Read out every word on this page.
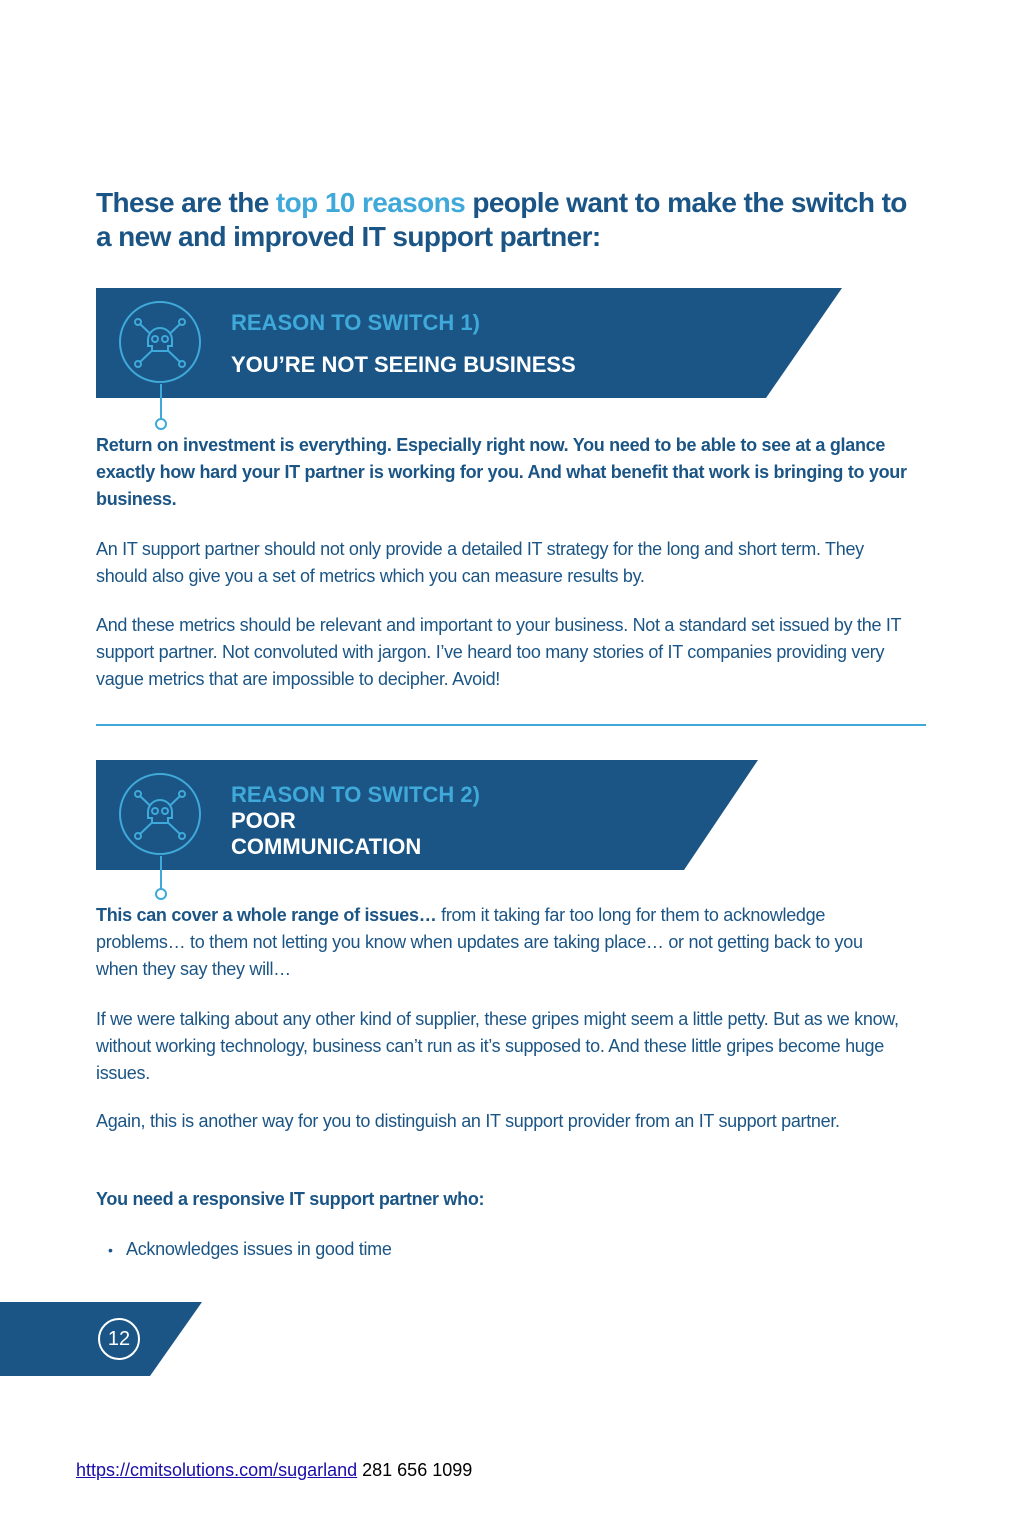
These are the top 10 reasons people want to make the switch to a new and improved IT support partner:
REASON TO SWITCH 1)
YOU’RE NOT SEEING BUSINESS
Return on investment is everything. Especially right now. You need to be able to see at a glance exactly how hard your IT partner is working for you. And what benefit that work is bringing to your business.
An IT support partner should not only provide a detailed IT strategy for the long and short term. They should also give you a set of metrics which you can measure results by.
And these metrics should be relevant and important to your business. Not a standard set issued by the IT support partner. Not convoluted with jargon. I’ve heard too many stories of IT companies providing very vague metrics that are impossible to decipher. Avoid!
REASON TO SWITCH 2)
POOR
COMMUNICATION
This can cover a whole range of issues… from it taking far too long for them to acknowledge problems… to them not letting you know when updates are taking place… or not getting back to you when they say they will…
If we were talking about any other kind of supplier, these gripes might seem a little petty. But as we know, without working technology, business can’t run as it’s supposed to. And these little gripes become huge issues.
Again, this is another way for you to distinguish an IT support provider from an IT support partner.
You need a responsive IT support partner who:
• Acknowledges issues in good time
12
https://cmitsolutions.com/sugarland 281 656 1099
